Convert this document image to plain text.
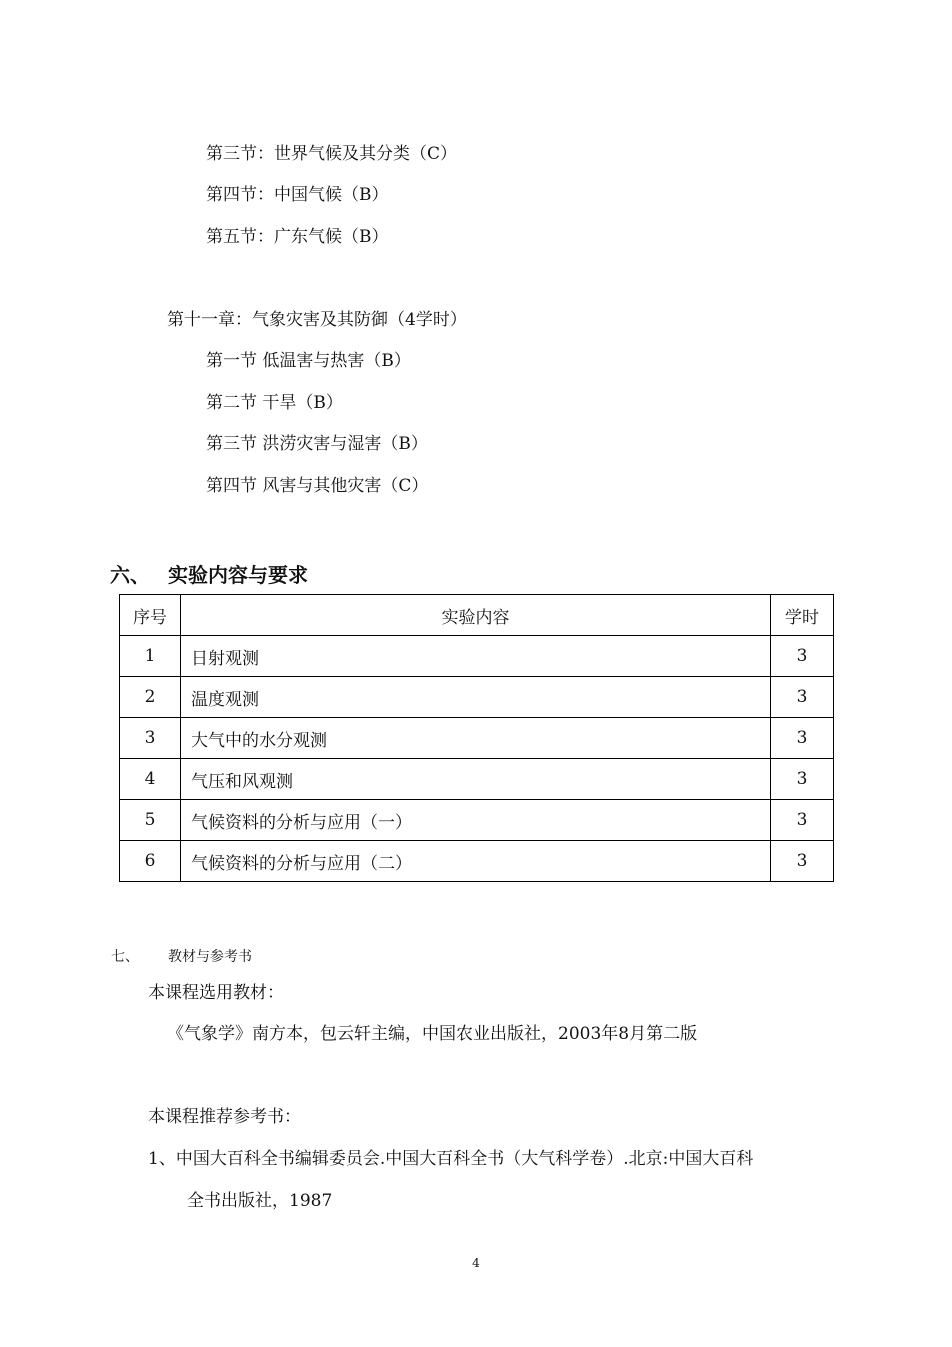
第三节：世界气候及其分类（C）
第四节：中国气候（B）
第五节：广东气候（B）
第十一章：气象灾害及其防御（4学时）
第一节 低温害与热害（B）
第二节 干旱（B）
第三节 洪涝灾害与湿害（B）
第四节 风害与其他灾害（C）
六、 实验内容与要求
序号	实验内容	学时
1	日射观测	3
2	温度观测	3
3	大气中的水分观测	3
4	气压和风观测	3
5	气候资料的分析与应用（一）	3
6	气候资料的分析与应用（二）	3
七、 教材与参考书
本课程选用教材：
《气象学》南方本，包云轩主编，中国农业出版社，2003年8月第二版
本课程推荐参考书：
1、中国大百科全书编辑委员会.中国大百科全书（大气科学卷）.北京:中国大百科
全书出版社，1987
4
